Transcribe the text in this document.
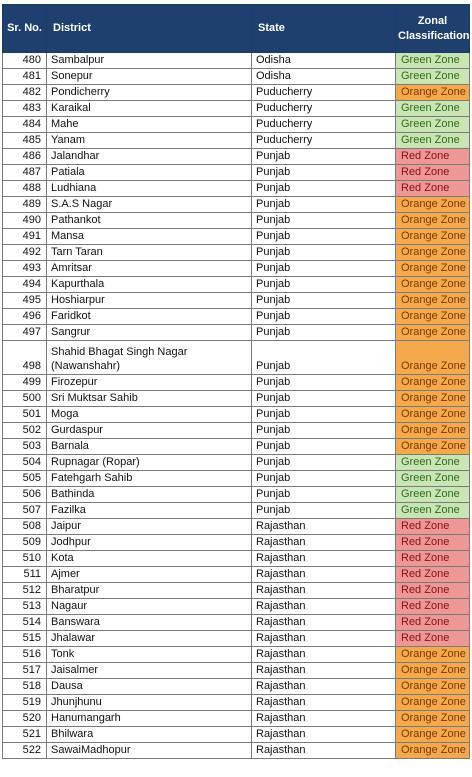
Sr. No.	District	State	Zonal Classification
480	Sambalpur	Odisha	Green Zone
481	Sonepur	Odisha	Green Zone
482	Pondicherry	Puducherry	Orange Zone
483	Karaikal	Puducherry	Green Zone
484	Mahe	Puducherry	Green Zone
485	Yanam	Puducherry	Green Zone
486	Jalandhar	Punjab	Red Zone
487	Patiala	Punjab	Red Zone
488	Ludhiana	Punjab	Red Zone
489	S.A.S Nagar	Punjab	Orange Zone
490	Pathankot	Punjab	Orange Zone
491	Mansa	Punjab	Orange Zone
492	Tarn Taran	Punjab	Orange Zone
493	Amritsar	Punjab	Orange Zone
494	Kapurthala	Punjab	Orange Zone
495	Hoshiarpur	Punjab	Orange Zone
496	Faridkot	Punjab	Orange Zone
497	Sangrur	Punjab	Orange Zone
498	Shahid Bhagat Singh Nagar (Nawanshahr)	Punjab	Orange Zone
499	Firozepur	Punjab	Orange Zone
500	Sri Muktsar Sahib	Punjab	Orange Zone
501	Moga	Punjab	Orange Zone
502	Gurdaspur	Punjab	Orange Zone
503	Barnala	Punjab	Orange Zone
504	Rupnagar (Ropar)	Punjab	Green Zone
505	Fatehgarh Sahib	Punjab	Green Zone
506	Bathinda	Punjab	Green Zone
507	Fazilka	Punjab	Green Zone
508	Jaipur	Rajasthan	Red Zone
509	Jodhpur	Rajasthan	Red Zone
510	Kota	Rajasthan	Red Zone
511	Ajmer	Rajasthan	Red Zone
512	Bharatpur	Rajasthan	Red Zone
513	Nagaur	Rajasthan	Red Zone
514	Banswara	Rajasthan	Red Zone
515	Jhalawar	Rajasthan	Red Zone
516	Tonk	Rajasthan	Orange Zone
517	Jaisalmer	Rajasthan	Orange Zone
518	Dausa	Rajasthan	Orange Zone
519	Jhunjhunu	Rajasthan	Orange Zone
520	Hanumangarh	Rajasthan	Orange Zone
521	Bhilwara	Rajasthan	Orange Zone
522	SawaiMadhopur	Rajasthan	Orange Zone
